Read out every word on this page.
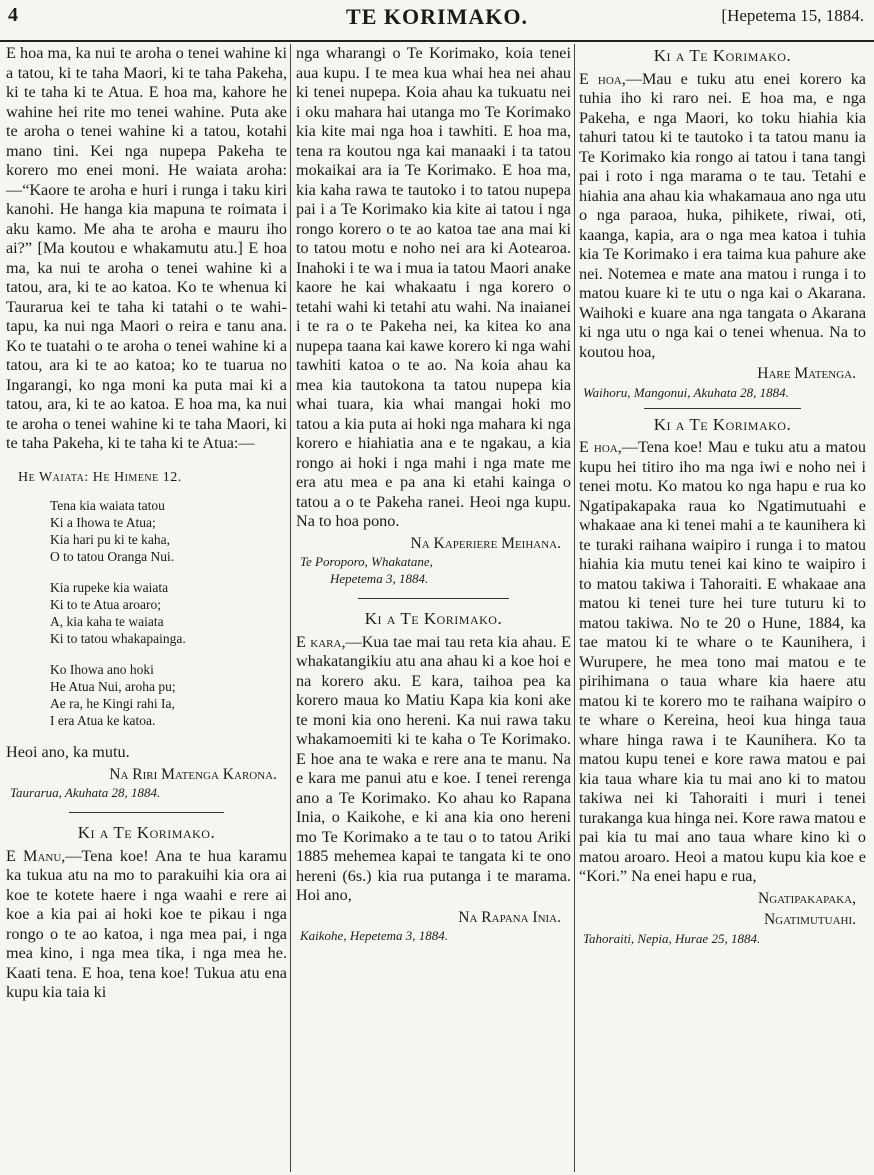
4	TE KORIMAKO.	[Hepetema 15, 1884.

E hoa ma, ka nui te aroha o tenei wahine ki a tatou, ki te taha Maori, ki te taha Pakeha, ki te taha ki te Atua. E hoa ma, kahore he wahine hei rite mo tenei wahine. Puta ake te aroha o tenei wahine ki a tatou, kotahi mano tini. Kei nga nupepa Pakeha te korero mo enei moni. He waiata aroha:—“Kaore te aroha e huri i runga i taku kiri kanohi. He hanga kia mapuna te roimata i aku kamo. Me aha te aroha e mauru iho ai?” [Ma koutou e whakamutu atu.] E hoa ma, ka nui te aroha o tenei wahine ki a tatou, ara, ki te ao katoa. Ko te whenua ki Taurarua kei te taha ki tatahi o te wahi-tapu, ka nui nga Maori o reira e tanu ana. Ko te tuatahi o te aroha o tenei wahine ki a tatou, ara ki te ao katoa; ko te tuarua no Ingarangi, ko nga moni ka puta mai ki a tatou, ara, ki te ao katoa. E hoa ma, ka nui te aroha o tenei wahine ki te taha Maori, ki te taha Pakeha, ki te taha ki te Atua:—

He Waiata: He Himene 12.
Tena kia waiata tatou
Ki a Ihowa te Atua;
Kia hari pu ki te kaha,
O to tatou Oranga Nui.
Kia rupeke kia waiata
Ki to te Atua aroaro;
A, kia kaha te waiata
Ki to tatou whakapainga.
Ko Ihowa ano hoki
He Atua Nui, aroha pu;
Ae ra, he Kingi rahi Ia,
I era Atua ke katoa.

Heoi ano, ka mutu.

Na Riri Matenga Karona.
Taurarua, Akuhata 28, 1884.
Ki a Te Korimako.

E Manu,—Tena koe! Ana te hua karamu ka tukua atu na mo to parakuihi kia ora ai koe te kotete haere i nga waahi e rere ai koe a kia pai ai hoki koe te pikau i nga rongo o te ao katoa, i nga mea pai, i nga mea kino, i nga mea tika, i nga mea he. Kaati tena. E hoa, tena koe! Tukua atu ena kupu kia taia ki

nga wharangi o Te Korimako, koia tenei aua kupu. I te mea kua whai hea nei ahau ki tenei nupepa. Koia ahau ka tukuatu nei i oku mahara hai utanga mo Te Korimako kia kite mai nga hoa i tawhiti. E hoa ma, tena ra koutou nga kai manaaki i ta tatou mokaikai ara ia Te Korimako. E hoa ma, kia kaha rawa te tautoko i to tatou nupepa pai i a Te Korimako kia kite ai tatou i nga rongo korero o te ao katoa tae ana mai ki to tatou motu e noho nei ara ki Aotearoa. Inahoki i te wa i mua ia tatou Maori anake kaore he kai whakaatu i nga korero o tetahi wahi ki tetahi atu wahi. Na inaianei i te ra o te Pakeha nei, ka kitea ko ana nupepa taana kai kawe korero ki nga wahi tawhiti katoa o te ao. Na koia ahau ka mea kia tautokona ta tatou nupepa kia whai tuara, kia whai mangai hoki mo tatou a kia puta ai hoki nga mahara ki nga korero e hiahiatia ana e te ngakau, a kia rongo ai hoki i nga mahi i nga mate me era atu mea e pa ana ki etahi kainga o tatou a o te Pakeha ranei. Heoi nga kupu. Na to hoa pono.

Na Kaperiere Meihana.
Te Poroporo, Whakatane,
Hepetema 3, 1884.
Ki a Te Korimako.

E kara,—Kua tae mai tau reta kia ahau. E whakatangikiu atu ana ahau ki a koe hoi e na korero aku. E kara, taihoa pea ka korero maua ko Matiu Kapa kia koni ake te moni kia ono hereni. Ka nui rawa taku whakamoemiti ki te kaha o Te Korimako. E hoe ana te waka e rere ana te manu. Na e kara me panui atu e koe. I tenei rerenga ano a Te Korimako. Ko ahau ko Rapana Inia, o Kaikohe, e ki ana kia ono hereni mo Te Korimako a te tau o to tatou Ariki 1885 mehemea kapai te tangata ki te ono hereni (6s.) kia rua putanga i te marama. Hoi ano,

Na Rapana Inia.
Kaikohe, Hepetema 3, 1884.
Ki a Te Korimako.

E hoa,—Mau e tuku atu enei korero ka tuhia iho ki raro nei. E hoa ma, e nga Pakeha, e nga Maori, ko toku hiahia kia tahuri tatou ki te tautoko i ta tatou manu ia Te Korimako kia rongo ai tatou i tana tangi pai i roto i nga marama o te tau. Tetahi e hiahia ana ahau kia whakamaua ano nga utu o nga paraoa, huka, pihikete, riwai, oti, kaanga, kapia, ara o nga mea katoa i tuhia kia Te Korimako i era taima kua pahure ake nei. Notemea e mate ana matou i runga i to matou kuare ki te utu o nga kai o Akarana. Waihoki e kuare ana nga tangata o Akarana ki nga utu o nga kai o tenei whenua. Na to koutou hoa,

Hare Matenga.
Waihoru, Mangonui, Akuhata 28, 1884.
Ki a Te Korimako.

E hoa,—Tena koe! Mau e tuku atu a matou kupu hei titiro iho ma nga iwi e noho nei i tenei motu. Ko matou ko nga hapu e rua ko Ngatipakapaka raua ko Ngatimutuahi e whakaae ana ki tenei mahi a te kaunihera ki te turaki raihana waipiro i runga i to matou hiahia kia mutu tenei kai kino te waipiro i to matou takiwa i Tahoraiti. E whakaae ana matou ki tenei ture hei ture tuturu ki to matou takiwa. No te 20 o Hune, 1884, ka tae matou ki te whare o te Kaunihera, i Wurupere, he mea tono mai matou e te pirihimana o taua whare kia haere atu matou ki te korero mo te raihana waipiro o te whare o Kereina, heoi kua hinga taua whare hinga rawa i te Kaunihera. Ko ta matou kupu tenei e kore rawa matou e pai kia taua whare kia tu mai ano ki to matou takiwa nei ki Tahoraiti i muri i tenei turakanga kua hinga nei. Kore rawa matou e pai kia tu mai ano taua whare kino ki o matou aroaro. Heoi a matou kupu kia koe e “Kori.” Na enei hapu e rua,

Ngatipakapaka,
Ngatimutuahi.
Tahoraiti, Nepia, Hurae 25, 1884.
